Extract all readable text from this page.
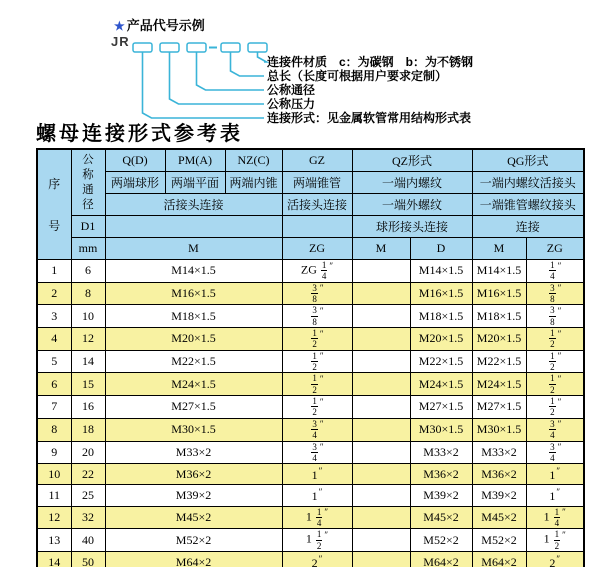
★ 产品代号示例
JR
连接件材质　c：为碳钢　b：为不锈钢
总长（长度可根据用户要求定制）
公称通径
公称压力
连接形式：见金属软管常用结构形式表
螺母连接形式参考表
序号	公称通径	Q(D)	PM(A)	NZ(C)	GZ	QZ形式		QG形式	
		两端球形	两端平面	两端内锥	两端锥管	一端内螺纹		一端内螺纹活接头	
		活接头连接			活接头连接	一端外螺纹		一端锥管螺纹接头	
	D1					球形接头连接		连接	
	mm	M			ZG	M	D	M	ZG
1	6	M14×1.5			ZG $\frac{1}{4} ''$		M14×1.5	M14×1.5	$\frac{1}{4} ''$
2	8	M16×1.5			$\frac{3}{8} ''$		M16×1.5	M16×1.5	$\frac{3}{8} ''$
3	10	M18×1.5			$\frac{3}{8} ''$		M18×1.5	M18×1.5	$\frac{3}{8} ''$
4	12	M20×1.5			$\frac{1}{2} ''$		M20×1.5	M20×1.5	$\frac{1}{2} ''$
5	14	M22×1.5			$\frac{1}{2} ''$		M22×1.5	M22×1.5	$\frac{1}{2} ''$
6	15	M24×1.5			$\frac{1}{2} ''$		M24×1.5	M24×1.5	$\frac{1}{2} ''$
7	16	M27×1.5			$\frac{1}{2} ''$		M27×1.5	M27×1.5	$\frac{1}{2} ''$
8	18	M30×1.5			$\frac{3}{4} ''$		M30×1.5	M30×1.5	$\frac{3}{4} ''$
9	20	M33×2			$\frac{3}{4} ''$		M33×2	M33×2	$\frac{3}{4} ''$
10	22	M36×2			1″		M36×2	M36×2	1″
11	25	M39×2			1″		M39×2	M39×2	1″
12	32	M45×2			$1 \frac{1}{4} ''$		M45×2	M45×2	$1 \frac{1}{4} ''$
13	40	M52×2			$1 \frac{1}{2} ''$		M52×2	M52×2	$1 \frac{1}{2} ''$
14	50	M64×2			2″		M64×2	M64×2	2″
